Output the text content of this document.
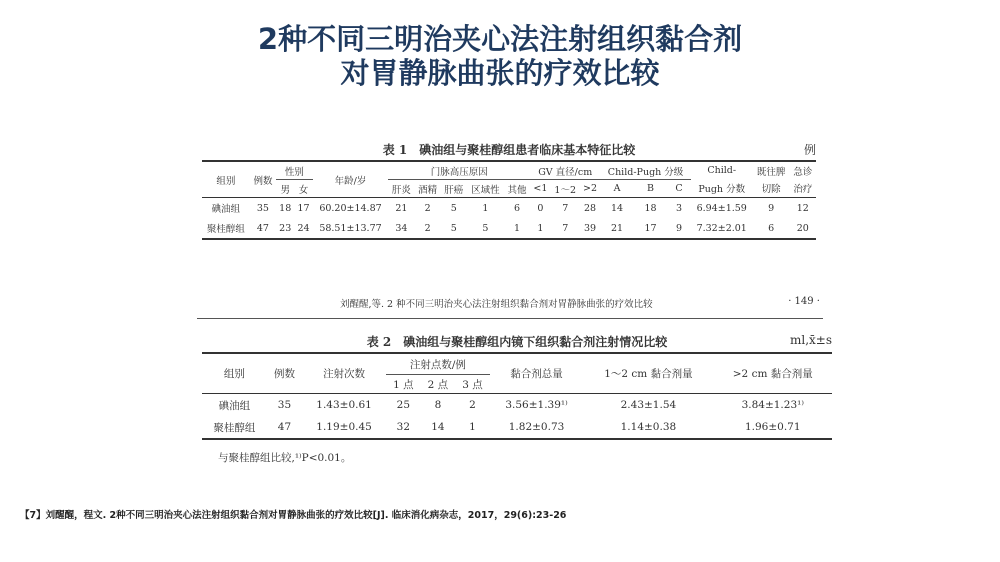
2种不同三明治夹心法注射组织黏合剂
对胃静脉曲张的疗效比较
表 1　碘油组与聚桂醇组患者临床基本特征比较	例
组别	例数	性别		年龄/岁	门脉高压原因					GV 直径/cm			Child-Pugh 分级			Child-	既往脾	急诊
		男	女		肝炎	酒精	肝癌	区域性	其他	<1	1～2	>2	A	B	C	Pugh 分数	切除	治疗
碘油组	35	18	17	60.20±14.87	21	2	5	1	6	0	7	28	14	18	3	6.94±1.59	9	12
聚桂醇组	47	23	24	58.51±13.77	34	2	5	5	1	1	7	39	21	17	9	7.32±2.01	6	20
刘醒醒,等. 2 种不同三明治夹心法注射组织黏合剂对胃静脉曲张的疗效比较	· 149 ·
表 2　碘油组与聚桂醇组内镜下组织黏合剂注射情况比较	ml,x̄±s
组别	例数	注射次数	注射点数/例			黏合剂总量	1～2 cm 黏合剂量	>2 cm 黏合剂量
			1 点	2 点	3 点			
碘油组	35	1.43±0.61	25	8	2	3.56±1.39¹⁾	2.43±1.54	3.84±1.23¹⁾
聚桂醇组	47	1.19±0.45	32	14	1	1.82±0.73	1.14±0.38	1.96±0.71
与聚桂醇组比较,¹⁾P<0.01。
【7】刘醒醒，程文. 2种不同三明治夹心法注射组织黏合剂对胃静脉曲张的疗效比较[J]. 临床消化病杂志，2017，29(6):23-26
